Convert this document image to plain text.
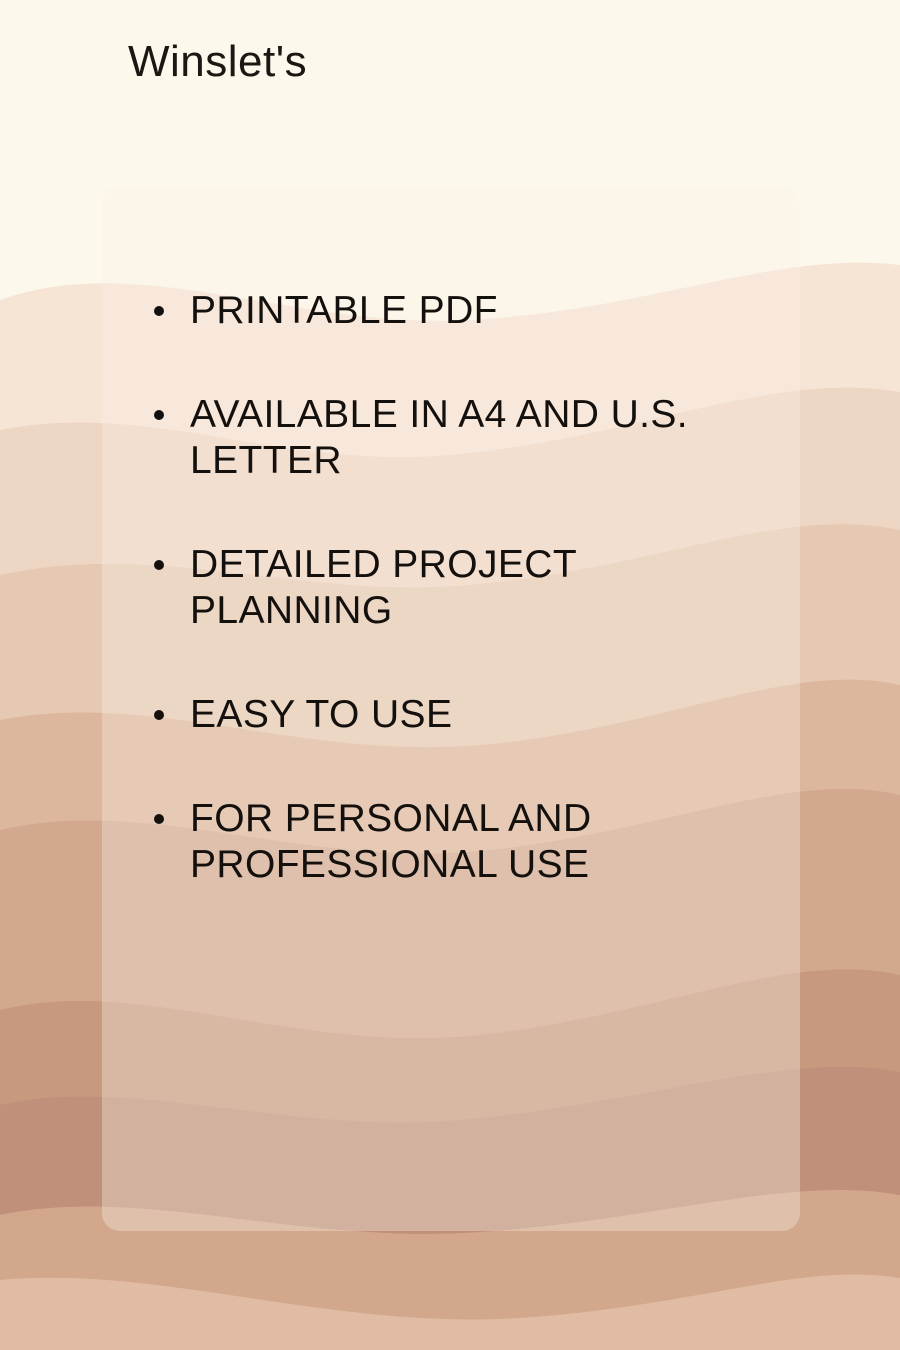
Winslet's
PRINTABLE PDF
AVAILABLE IN A4 AND U.S. LETTER
DETAILED PROJECT PLANNING
EASY TO USE
FOR PERSONAL AND PROFESSIONAL USE
